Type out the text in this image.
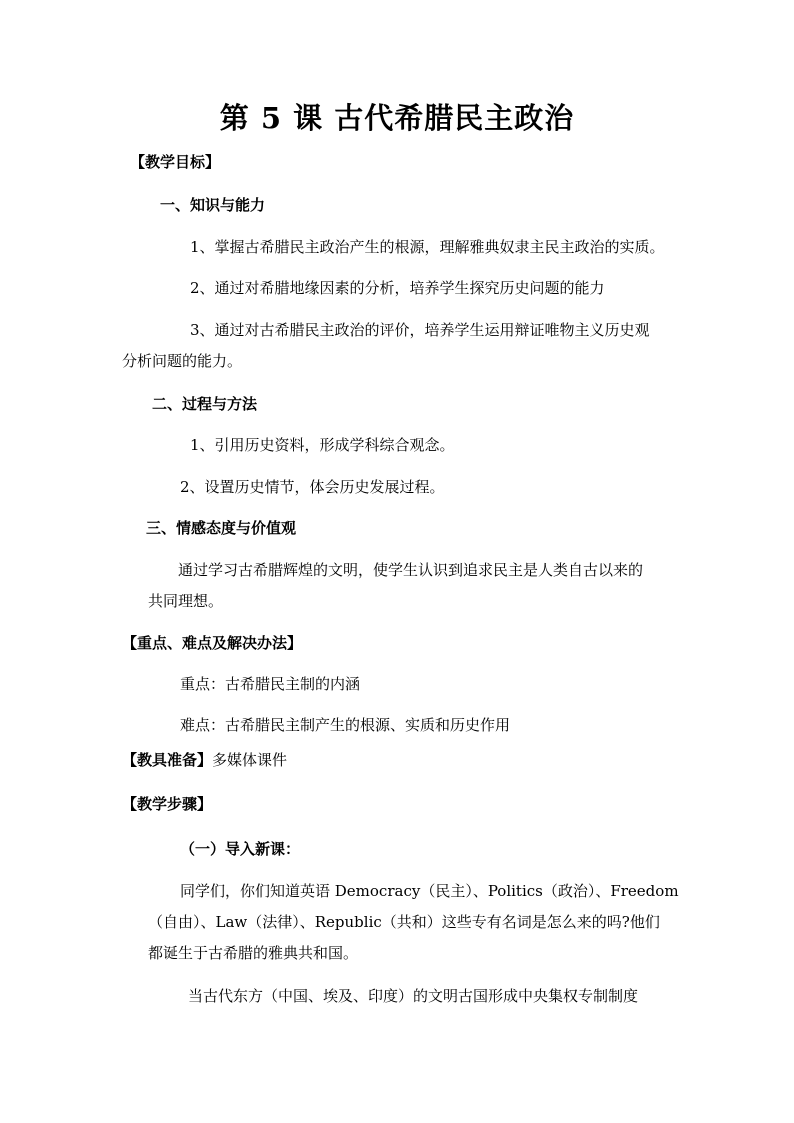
第 5 课 古代希腊民主政治
【教学目标】
一、知识与能力
1、掌握古希腊民主政治产生的根源，理解雅典奴隶主民主政治的实质。
2、通过对希腊地缘因素的分析，培养学生探究历史问题的能力
3、通过对古希腊民主政治的评价，培养学生运用辩证唯物主义历史观
分析问题的能力。
二、过程与方法
1、引用历史资料，形成学科综合观念。
2、设置历史情节，体会历史发展过程。
三、情感态度与价值观
通过学习古希腊辉煌的文明，使学生认识到追求民主是人类自古以来的
共同理想。
【重点、难点及解决办法】
重点：古希腊民主制的内涵
难点：古希腊民主制产生的根源、实质和历史作用
【教具准备】多媒体课件
【教学步骤】
（一）导入新课：
同学们，你们知道英语 Democracy（民主）、Politics（政治）、Freedom
（自由）、Law（法律）、Republic（共和）这些专有名词是怎么来的吗?他们
都诞生于古希腊的雅典共和国。
当古代东方（中国、埃及、印度）的文明古国形成中央集权专制制度
